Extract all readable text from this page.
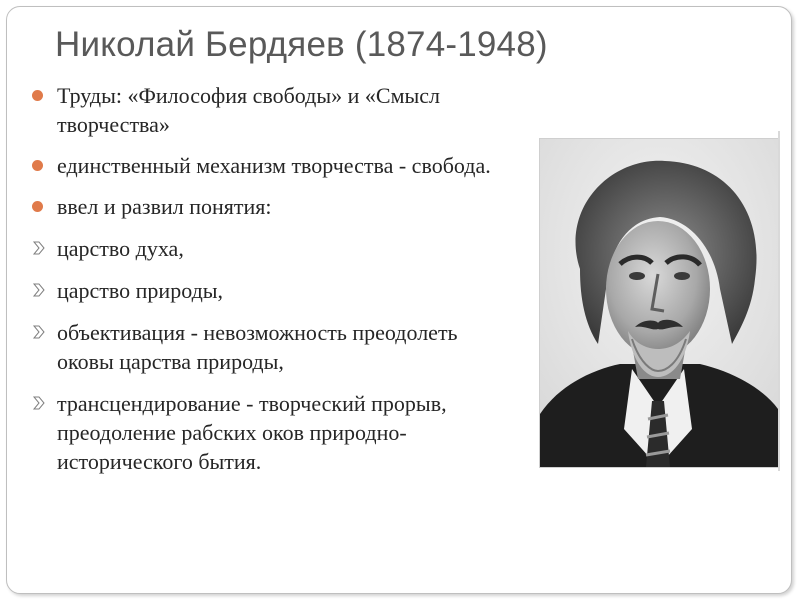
Николай Бердяев (1874-1948)
Труды: «Философия свободы» и «Смысл творчества»
единственный механизм творчества - свобода.
ввел и развил понятия:
царство духа,
царство природы,
объективация - невозможность преодолеть оковы царства природы,
трансцендирование - творческий прорыв, преодоление рабских оков природно-исторического бытия.
